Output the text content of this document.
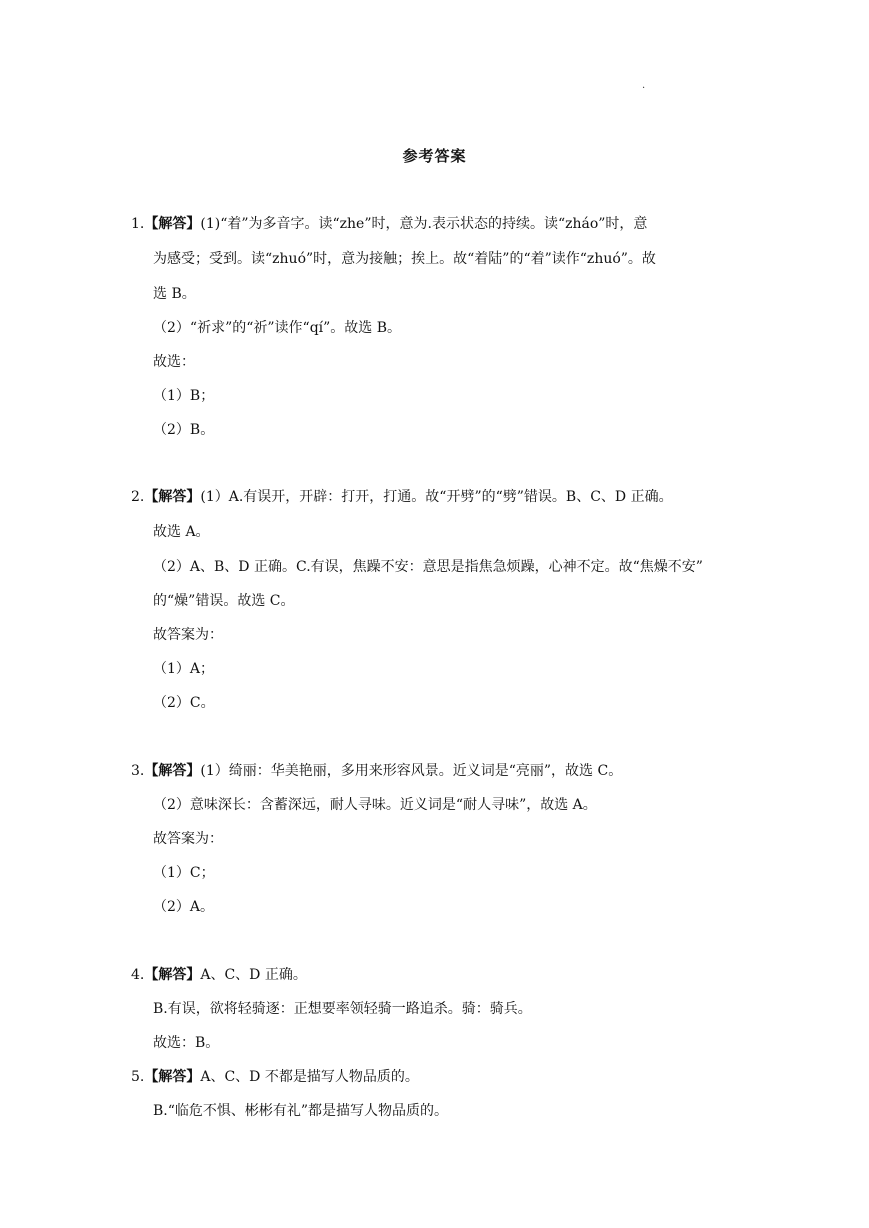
.
参考答案
1.【解答】(1)“着”为多音字。读“zhe”时，意为.表示状态的持续。读“zháo”时，意
为感受；受到。读“zhuó”时，意为接触；挨上。故“着陆”的“着”读作“zhuó”。故
选 B。
（2）“祈求”的“祈”读作“qí”。故选 B。
故选：
（1）B；
（2）B。
2.【解答】(1）A.有误开，开辟：打开，打通。故“开劈”的“劈”错误。B、C、D 正确。
故选 A。
（2）A、B、D 正确。C.有误，焦躁不安：意思是指焦急烦躁，心神不定。故“焦燥不安”
的“燥”错误。故选 C。
故答案为：
（1）A；
（2）C。
3.【解答】(1）绮丽：华美艳丽，多用来形容风景。近义词是“亮丽”，故选 C。
（2）意味深长：含蓄深远，耐人寻味。近义词是“耐人寻味”，故选 A。
故答案为：
（1）C；
（2）A。
4.【解答】A、C、D 正确。
B.有误，欲将轻骑逐：正想要率领轻骑一路追杀。骑：骑兵。
故选：B。
5.【解答】A、C、D 不都是描写人物品质的。
B.“临危不惧、彬彬有礼”都是描写人物品质的。
